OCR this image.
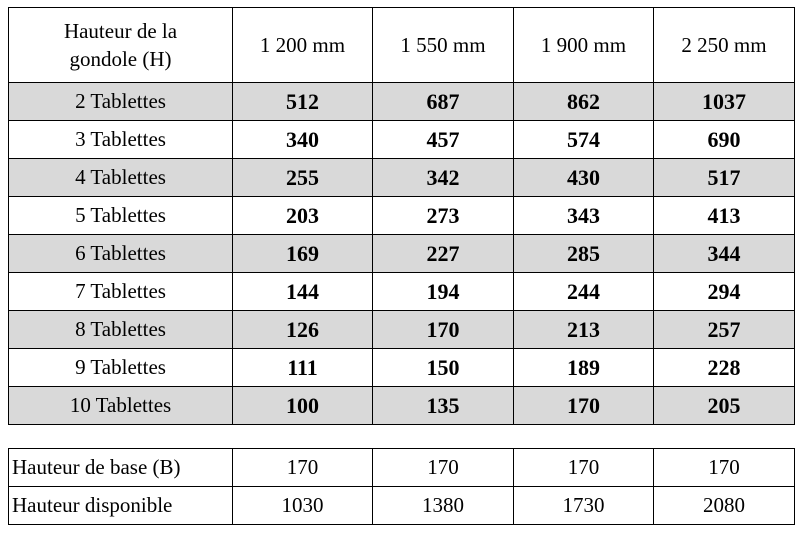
Hauteur de la
gondole (H)	1 200 mm	1 550 mm	1 900 mm	2 250 mm
2 Tablettes	512	687	862	1037
3 Tablettes	340	457	574	690
4 Tablettes	255	342	430	517
5 Tablettes	203	273	343	413
6 Tablettes	169	227	285	344
7 Tablettes	144	194	244	294
8 Tablettes	126	170	213	257
9 Tablettes	111	150	189	228
10 Tablettes	100	135	170	205
Hauteur de base (B)	170	170	170	170
Hauteur disponible	1030	1380	1730	2080
